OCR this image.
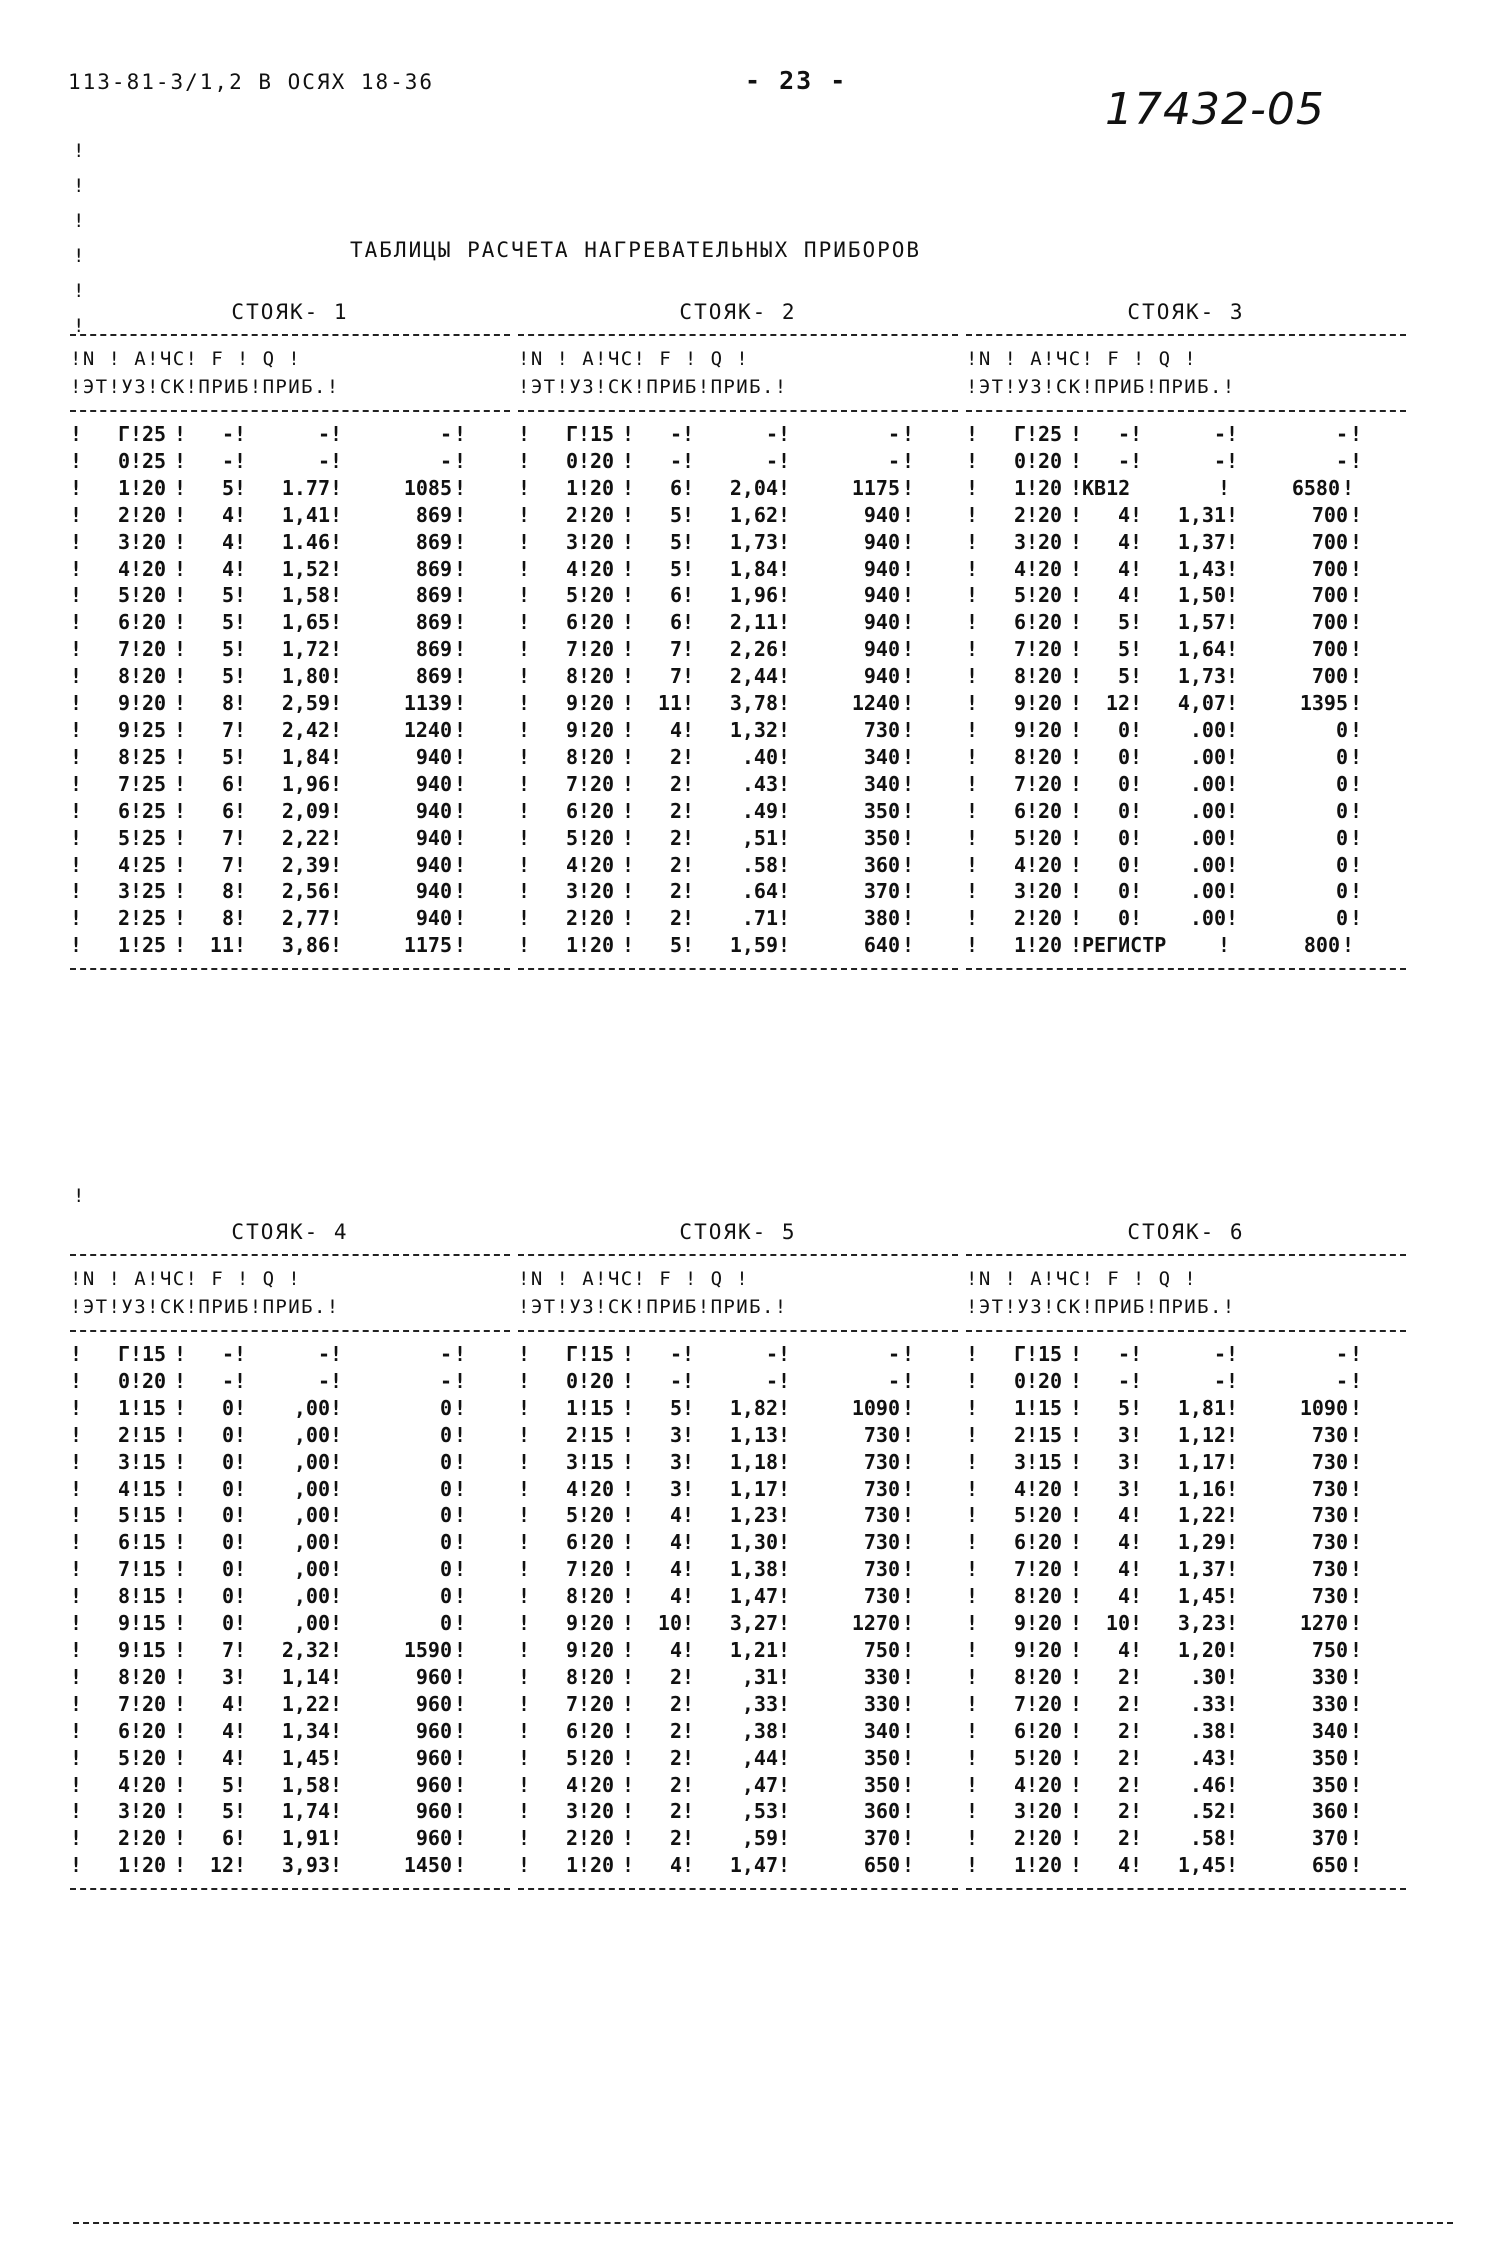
113-81-3/1,2 В ОСЯХ 18-36	- 23 -
17432-05
ТАБЛИЦЫ РАСЧЕТА НАГРЕВАТЕЛЬНЫХ ПРИБОРОВ
СТОЯК- 1
!N ! А!ЧС! F ! Q !
!ЭТ!УЗ!СК!ПРИБ!ПРИБ.!
!	Г ! 25 !	- !	- !	- !
!	0 ! 25 !	- !	- !	- !
!	1 ! 20 !	5 !	1.77 !	1085 !
!	2 ! 20 !	4 !	1,41 !	869 !
!	3 ! 20 !	4 !	1.46 !	869 !
!	4 ! 20 !	4 !	1,52 !	869 !
!	5 ! 20 !	5 !	1,58 !	869 !
!	6 ! 20 !	5 !	1,65 !	869 !
!	7 ! 20 !	5 !	1,72 !	869 !
!	8 ! 20 !	5 !	1,80 !	869 !
!	9 ! 20 !	8 !	2,59 !	1139 !
!	9 ! 25 !	7 !	2,42 !	1240 !
!	8 ! 25 !	5 !	1,84 !	940 !
!	7 ! 25 !	6 !	1,96 !	940 !
!	6 ! 25 !	6 !	2,09 !	940 !
!	5 ! 25 !	7 !	2,22 !	940 !
!	4 ! 25 !	7 !	2,39 !	940 !
!	3 ! 25 !	8 !	2,56 !	940 !
!	2 ! 25 !	8 !	2,77 !	940 !
!	1 ! 25 !	11 !	3,86 !	1175 !
СТОЯК- 2
!N ! А!ЧС! F ! Q !
!ЭТ!УЗ!СК!ПРИБ!ПРИБ.!
!	Г ! 15 !	- !	- !	- !
!	0 ! 20 !	- !	- !	- !
!	1 ! 20 !	6 !	2,04 !	1175 !
!	2 ! 20 !	5 !	1,62 !	940 !
!	3 ! 20 !	5 !	1,73 !	940 !
!	4 ! 20 !	5 !	1,84 !	940 !
!	5 ! 20 !	6 !	1,96 !	940 !
!	6 ! 20 !	6 !	2,11 !	940 !
!	7 ! 20 !	7 !	2,26 !	940 !
!	8 ! 20 !	7 !	2,44 !	940 !
!	9 ! 20 !	11 !	3,78 !	1240 !
!	9 ! 20 !	4 !	1,32 !	730 !
!	8 ! 20 !	2 !	.40 !	340 !
!	7 ! 20 !	2 !	.43 !	340 !
!	6 ! 20 !	2 !	.49 !	350 !
!	5 ! 20 !	2 !	,51 !	350 !
!	4 ! 20 !	2 !	.58 !	360 !
!	3 ! 20 !	2 !	.64 !	370 !
!	2 ! 20 !	2 !	.71 !	380 !
!	1 ! 20 !	5 !	1,59 !	640 !
СТОЯК- 3
!N ! А!ЧС! F ! Q !
!ЭТ!УЗ!СК!ПРИБ!ПРИБ.!
!	Г ! 25 !	- !	- !	- !
!	0 ! 20 !	- !	- !	- !
!	1 ! 20 ! КВ12	!	6580 !
!	2 ! 20 !	4 !	1,31 !	700 !
!	3 ! 20 !	4 !	1,37 !	700 !
!	4 ! 20 !	4 !	1,43 !	700 !
!	5 ! 20 !	4 !	1,50 !	700 !
!	6 ! 20 !	5 !	1,57 !	700 !
!	7 ! 20 !	5 !	1,64 !	700 !
!	8 ! 20 !	5 !	1,73 !	700 !
!	9 ! 20 !	12 !	4,07 !	1395 !
!	9 ! 20 !	0 !	.00 !	0 !
!	8 ! 20 !	0 !	.00 !	0 !
!	7 ! 20 !	0 !	.00 !	0 !
!	6 ! 20 !	0 !	.00 !	0 !
!	5 ! 20 !	0 !	.00 !	0 !
!	4 ! 20 !	0 !	.00 !	0 !
!	3 ! 20 !	0 !	.00 !	0 !
!	2 ! 20 !	0 !	.00 !	0 !
!	1 ! 20 ! РЕГИСТР	!	800 !
СТОЯК- 4
!N ! А!ЧС! F ! Q !
!ЭТ!УЗ!СК!ПРИБ!ПРИБ.!
!	Г ! 15 !	- !	- !	- !
!	0 ! 20 !	- !	- !	- !
!	1 ! 15 !	0 !	,00 !	0 !
!	2 ! 15 !	0 !	,00 !	0 !
!	3 ! 15 !	0 !	,00 !	0 !
!	4 ! 15 !	0 !	,00 !	0 !
!	5 ! 15 !	0 !	,00 !	0 !
!	6 ! 15 !	0 !	,00 !	0 !
!	7 ! 15 !	0 !	,00 !	0 !
!	8 ! 15 !	0 !	,00 !	0 !
!	9 ! 15 !	0 !	,00 !	0 !
!	9 ! 15 !	7 !	2,32 !	1590 !
!	8 ! 20 !	3 !	1,14 !	960 !
!	7 ! 20 !	4 !	1,22 !	960 !
!	6 ! 20 !	4 !	1,34 !	960 !
!	5 ! 20 !	4 !	1,45 !	960 !
!	4 ! 20 !	5 !	1,58 !	960 !
!	3 ! 20 !	5 !	1,74 !	960 !
!	2 ! 20 !	6 !	1,91 !	960 !
!	1 ! 20 !	12 !	3,93 !	1450 !
СТОЯК- 5
!N ! А!ЧС! F ! Q !
!ЭТ!УЗ!СК!ПРИБ!ПРИБ.!
!	Г ! 15 !	- !	- !	- !
!	0 ! 20 !	- !	- !	- !
!	1 ! 15 !	5 !	1,82 !	1090 !
!	2 ! 15 !	3 !	1,13 !	730 !
!	3 ! 15 !	3 !	1,18 !	730 !
!	4 ! 20 !	3 !	1,17 !	730 !
!	5 ! 20 !	4 !	1,23 !	730 !
!	6 ! 20 !	4 !	1,30 !	730 !
!	7 ! 20 !	4 !	1,38 !	730 !
!	8 ! 20 !	4 !	1,47 !	730 !
!	9 ! 20 !	10 !	3,27 !	1270 !
!	9 ! 20 !	4 !	1,21 !	750 !
!	8 ! 20 !	2 !	,31 !	330 !
!	7 ! 20 !	2 !	,33 !	330 !
!	6 ! 20 !	2 !	,38 !	340 !
!	5 ! 20 !	2 !	,44 !	350 !
!	4 ! 20 !	2 !	,47 !	350 !
!	3 ! 20 !	2 !	,53 !	360 !
!	2 ! 20 !	2 !	,59 !	370 !
!	1 ! 20 !	4 !	1,47 !	650 !
СТОЯК- 6
!N ! А!ЧС! F ! Q !
!ЭТ!УЗ!СК!ПРИБ!ПРИБ.!
!	Г ! 15 !	- !	- !	- !
!	0 ! 20 !	- !	- !	- !
!	1 ! 15 !	5 !	1,81 !	1090 !
!	2 ! 15 !	3 !	1,12 !	730 !
!	3 ! 15 !	3 !	1,17 !	730 !
!	4 ! 20 !	3 !	1,16 !	730 !
!	5 ! 20 !	4 !	1,22 !	730 !
!	6 ! 20 !	4 !	1,29 !	730 !
!	7 ! 20 !	4 !	1,37 !	730 !
!	8 ! 20 !	4 !	1,45 !	730 !
!	9 ! 20 !	10 !	3,23 !	1270 !
!	9 ! 20 !	4 !	1,20 !	750 !
!	8 ! 20 !	2 !	.30 !	330 !
!	7 ! 20 !	2 !	.33 !	330 !
!	6 ! 20 !	2 !	.38 !	340 !
!	5 ! 20 !	2 !	.43 !	350 !
!	4 ! 20 !	2 !	.46 !	350 !
!	3 ! 20 !	2 !	.52 !	360 !
!	2 ! 20 !	2 !	.58 !	370 !
!	1 ! 20 !	4 !	1,45 !	650 !
!
!
!
!
!
!
!
